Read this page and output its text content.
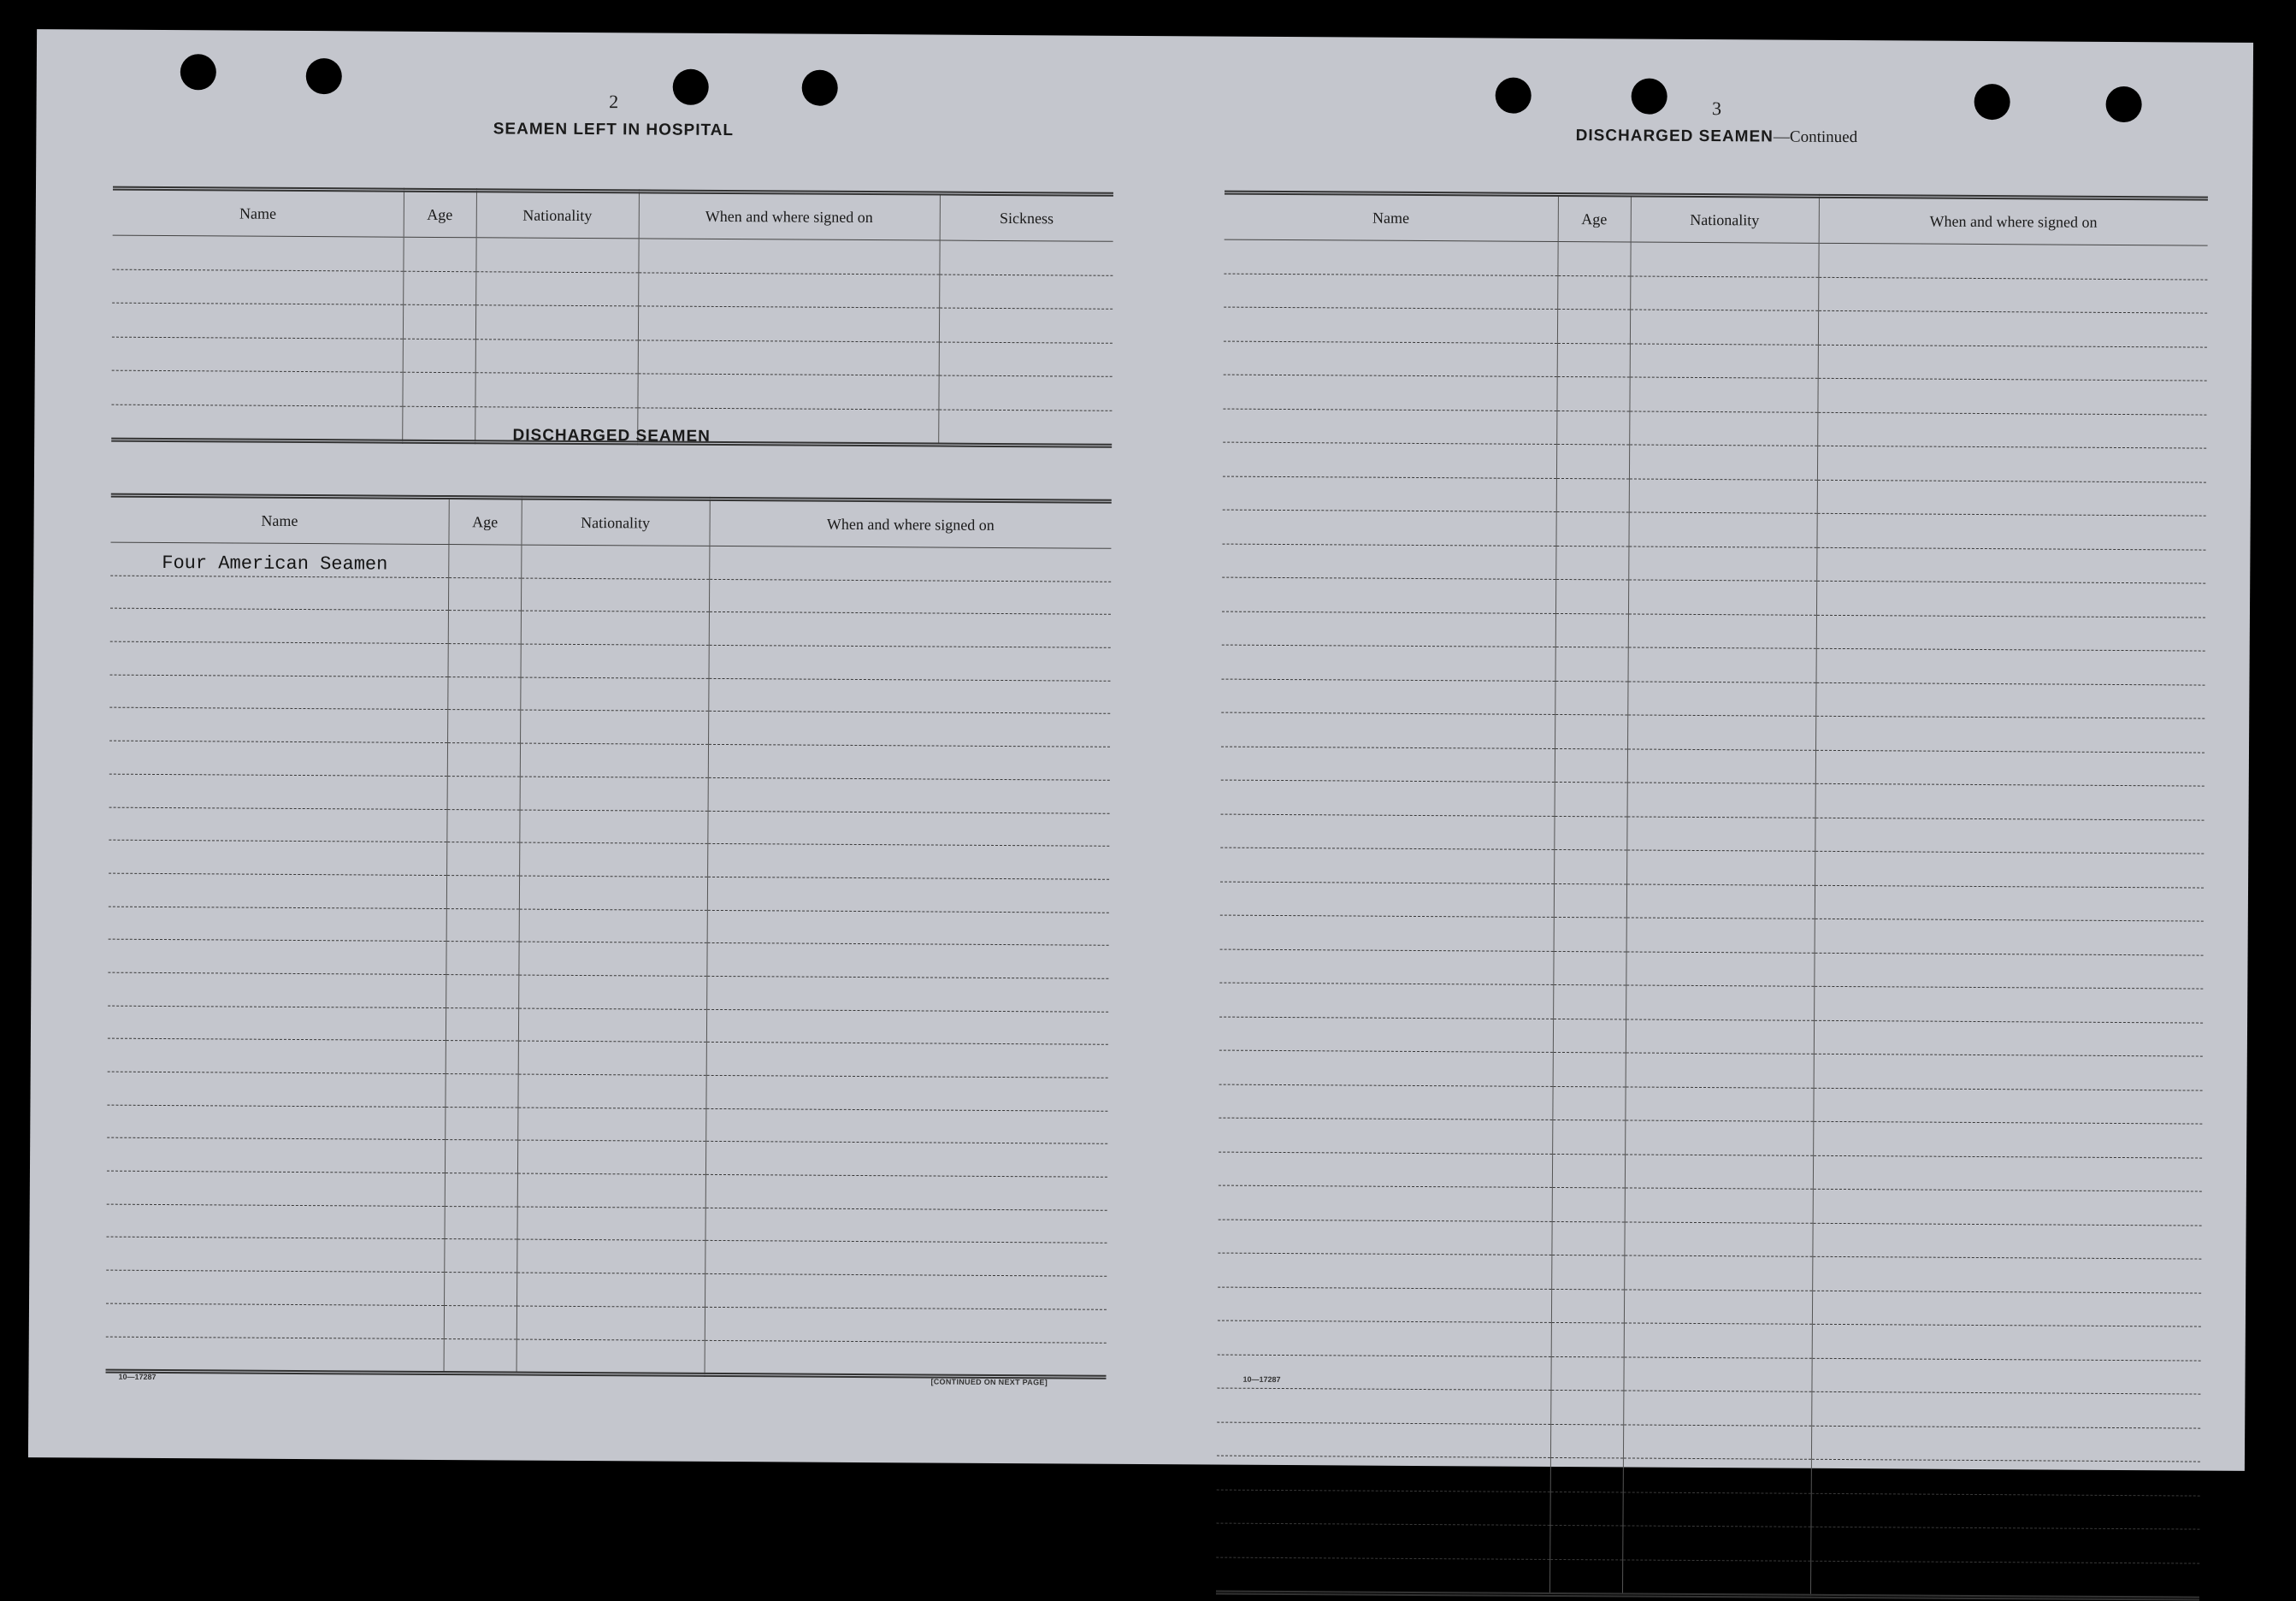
2
SEAMEN LEFT IN HOSPITAL
Name	Age	Nationality	When and where signed on	Sickness

DISCHARGED SEAMEN
Name	Age	Nationality	When and where signed on

Four American Seamen			

10—17287
[CONTINUED ON NEXT PAGE]
3
DISCHARGED SEAMEN—Continued
Name	Age	Nationality	When and where signed on

10—17287
